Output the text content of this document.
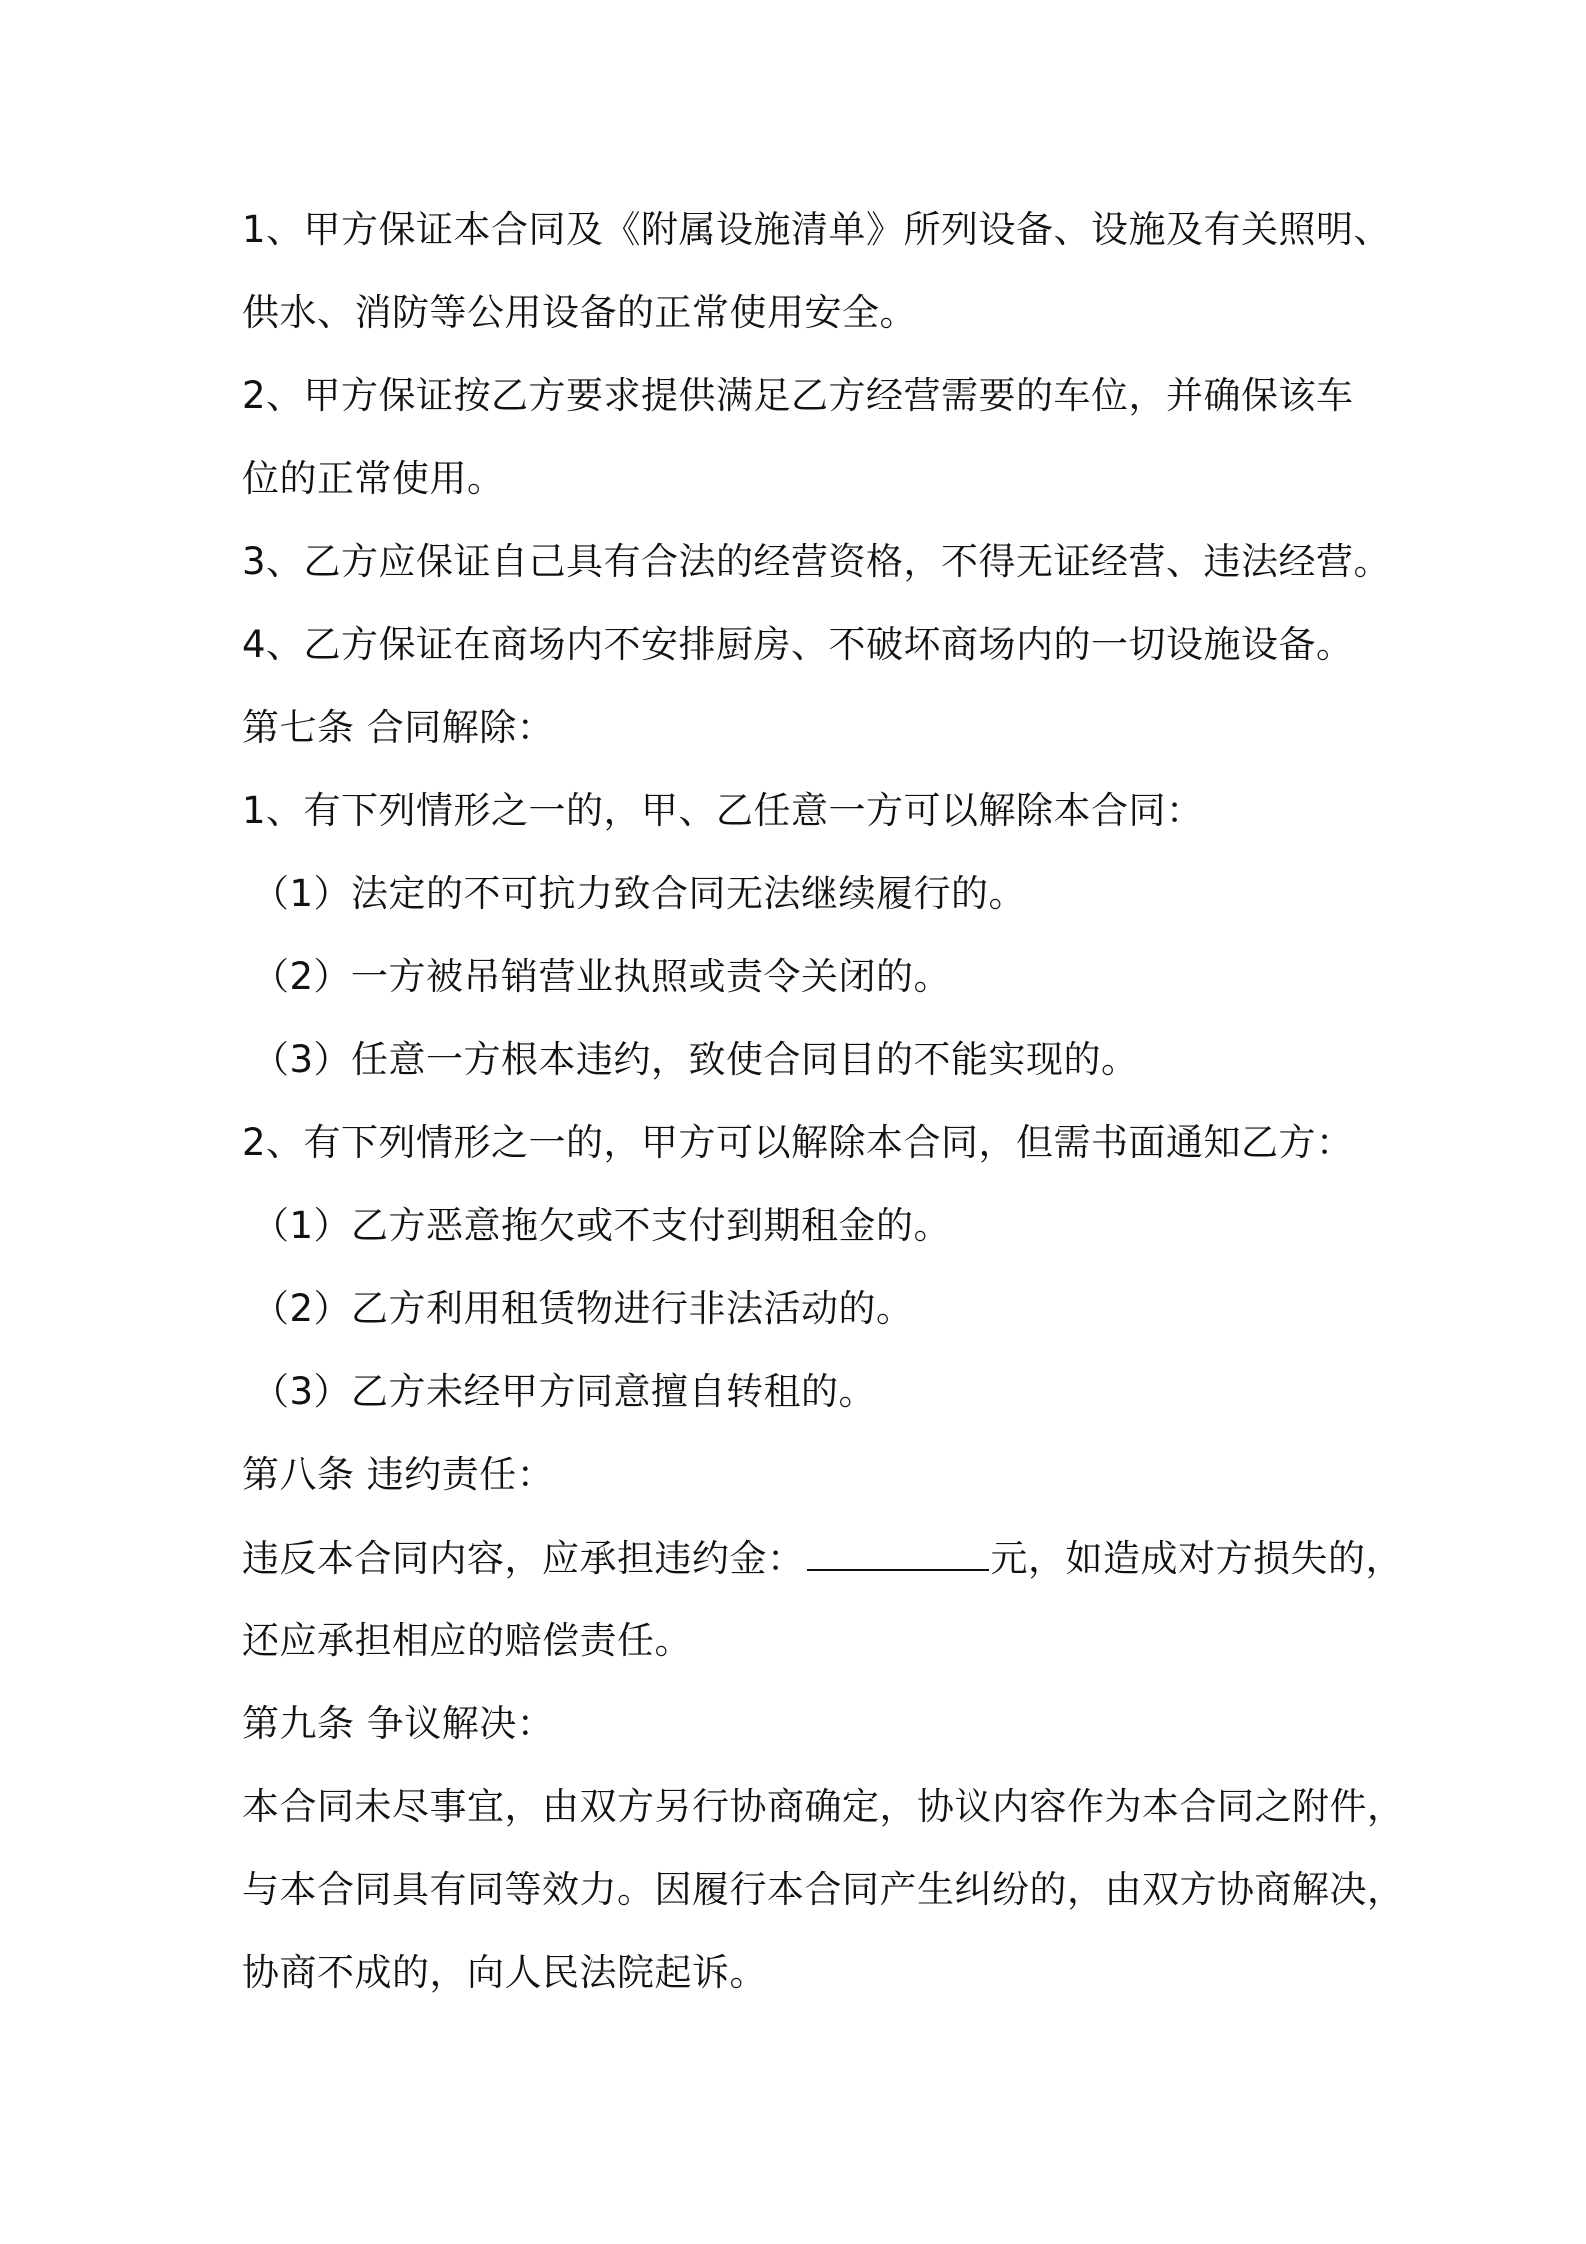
1、甲方保证本合同及《附属设施清单》所列设备、设施及有关照明、
供水、消防等公用设备的正常使用安全。
2、甲方保证按乙方要求提供满足乙方经营需要的车位，并确保该车
位的正常使用。
3、乙方应保证自己具有合法的经营资格，不得无证经营、违法经营。
4、乙方保证在商场内不安排厨房、不破坏商场内的一切设施设备。
第七条 合同解除：
1、有下列情形之一的，甲、乙任意一方可以解除本合同：
（1）法定的不可抗力致合同无法继续履行的。
（2）一方被吊销营业执照或责令关闭的。
（3）任意一方根本违约，致使合同目的不能实现的。
2、有下列情形之一的，甲方可以解除本合同，但需书面通知乙方：
（1）乙方恶意拖欠或不支付到期租金的。
（2）乙方利用租赁物进行非法活动的。
（3）乙方未经甲方同意擅自转租的。
第八条 违约责任：
违反本合同内容，应承担违约金：	元，如造成对方损失的，
还应承担相应的赔偿责任。
第九条 争议解决：
本合同未尽事宜，由双方另行协商确定，协议内容作为本合同之附件，
与本合同具有同等效力。因履行本合同产生纠纷的，由双方协商解决，
协商不成的，向人民法院起诉。
